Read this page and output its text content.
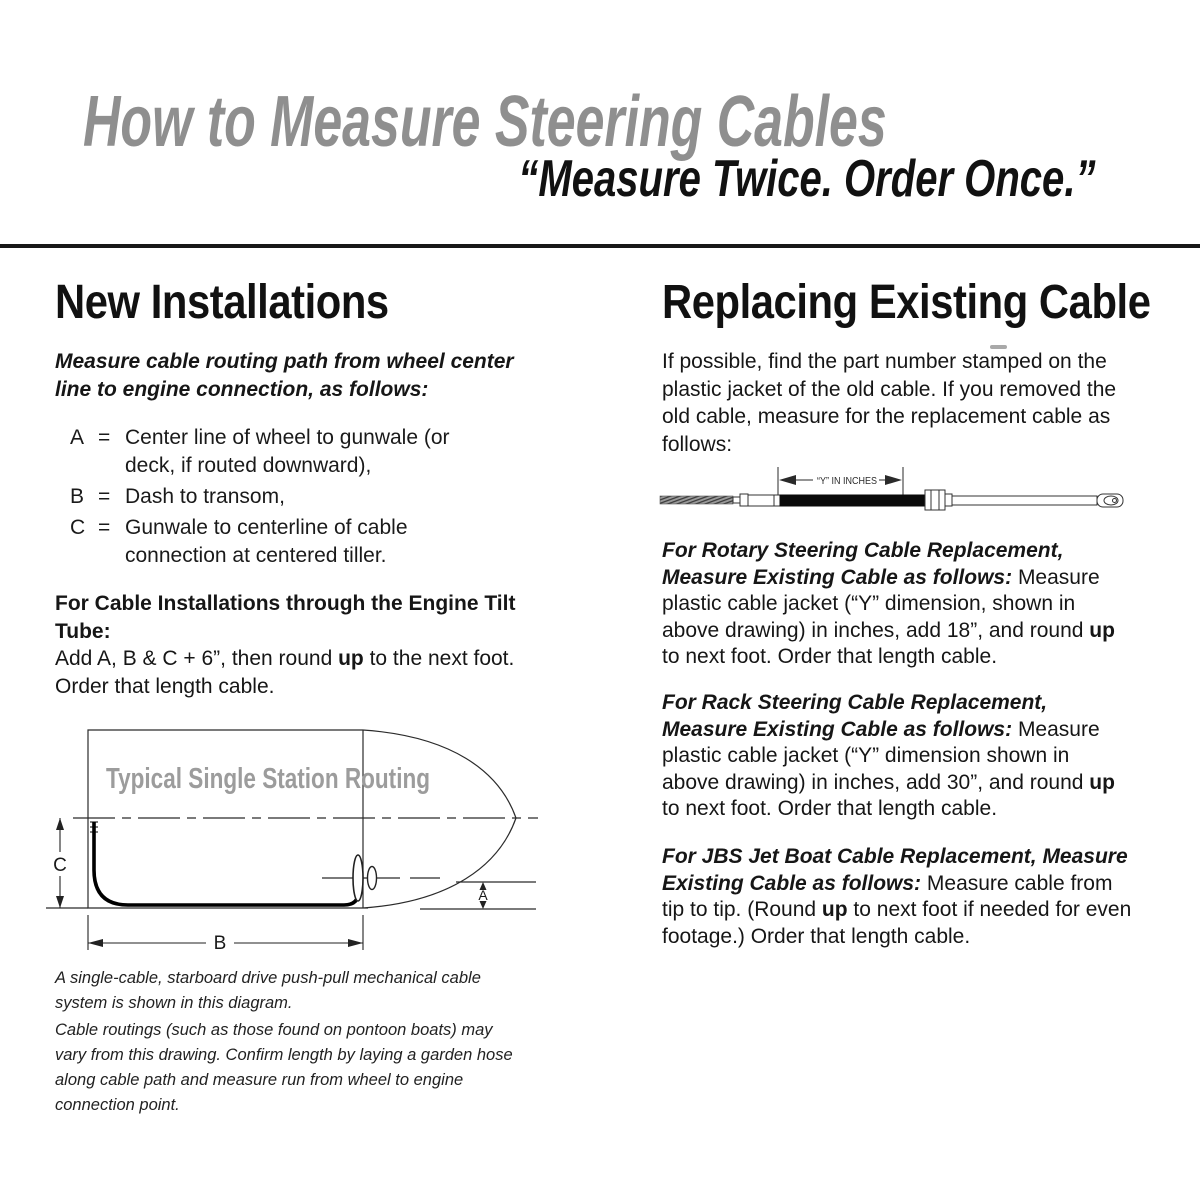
How to Measure Steering Cables
“Measure Twice. Order Once.”
New Installations
Measure cable routing path from wheel center line to engine connection, as follows:
A = Center line of wheel to gunwale (or deck, if routed downward),
B = Dash to transom,
C = Gunwale to centerline of cable connection at centered tiller.
For Cable Installations through the Engine Tilt Tube:
Add A, B & C + 6”, then round up to the next foot. Order that length cable.
C
B
A
Typical Single Station Routing
A single-cable, starboard drive push-pull mechanical cable system is shown in this diagram.
Cable routings (such as those found on pontoon boats) may vary from this drawing. Confirm length by laying a garden hose along cable path and measure run from wheel to engine connection point.
Replacing Existing Cable
If possible, find the part number stamped on the plastic jacket of the old cable. If you removed the old cable, measure for the replacement cable as follows:
“Y” IN INCHES
For Rotary Steering Cable Replacement, Measure Existing Cable as follows: Measure plastic cable jacket (“Y” dimension, shown in above drawing) in inches, add 18”, and round up to next foot. Order that length cable.
For Rack Steering Cable Replacement, Measure Existing Cable as follows: Measure plastic cable jacket (“Y” dimension shown in above drawing) in inches, add 30”, and round up to next foot. Order that length cable.
For JBS Jet Boat Cable Replacement, Measure Existing Cable as follows: Measure cable from tip to tip. (Round up to next foot if needed for even footage.) Order that length cable.
